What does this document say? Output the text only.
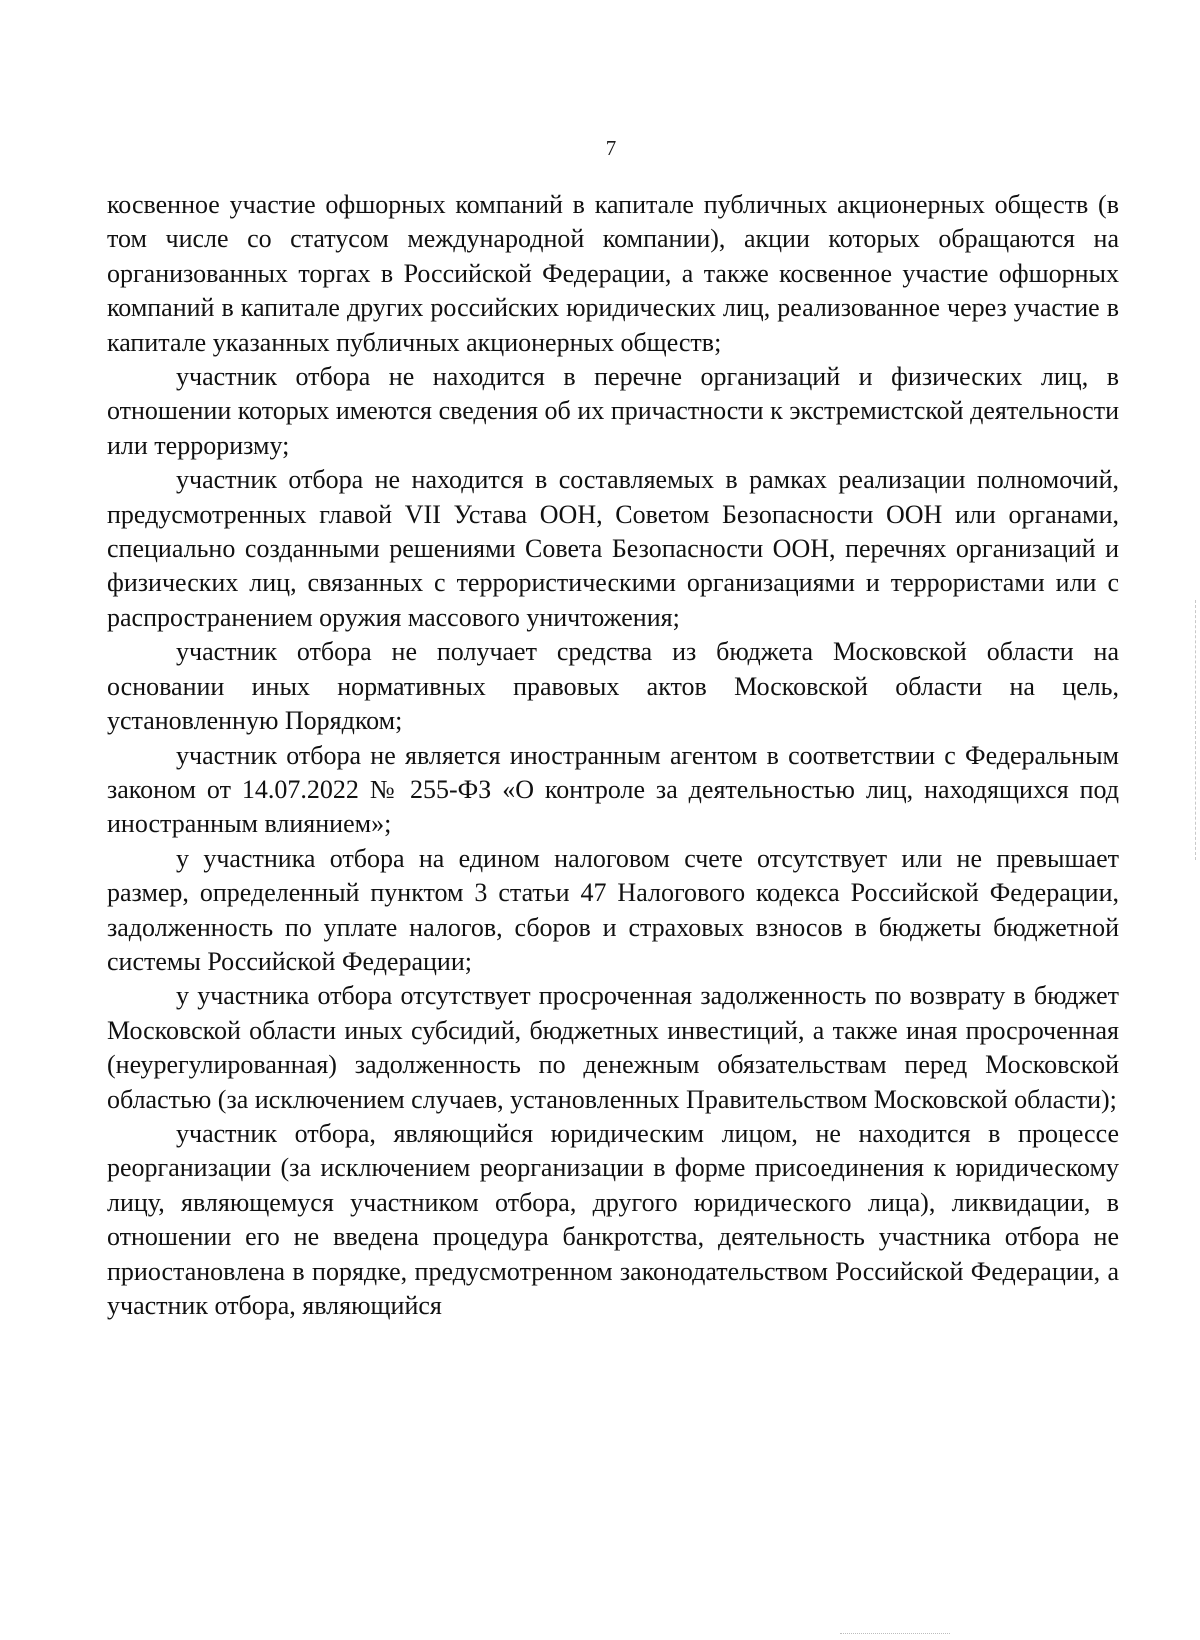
7

косвенное участие офшорных компаний в капитале публичных акционерных обществ (в том числе со статусом международной компании), акции которых обращаются на организованных торгах в Российской Федерации, а также косвенное участие офшорных компаний в капитале других российских юридических лиц, реализованное через участие в капитале указанных публичных акционерных обществ;

участник отбора не находится в перечне организаций и физических лиц, в отношении которых имеются сведения об их причастности к экстремистской деятельности или терроризму;

участник отбора не находится в составляемых в рамках реализации полномочий, предусмотренных главой VII Устава ООН, Советом Безопасности ООН или органами, специально созданными решениями Совета Безопасности ООН, перечнях организаций и физических лиц, связанных с террористическими организациями и террористами или с распространением оружия массового уничтожения;

участник отбора не получает средства из бюджета Московской области на основании иных нормативных правовых актов Московской области на цель, установленную Порядком;

участник отбора не является иностранным агентом в соответствии с Федеральным законом от 14.07.2022 № 255-ФЗ «О контроле за деятельностью лиц, находящихся под иностранным влиянием»;

у участника отбора на едином налоговом счете отсутствует или не превышает размер, определенный пунктом 3 статьи 47 Налогового кодекса Российской Федерации, задолженность по уплате налогов, сборов и страховых взносов в бюджеты бюджетной системы Российской Федерации;

у участника отбора отсутствует просроченная задолженность по возврату в бюджет Московской области иных субсидий, бюджетных инвестиций, а также иная просроченная (неурегулированная) задолженность по денежным обязательствам перед Московской областью (за исключением случаев, установленных Правительством Московской области);

участник отбора, являющийся юридическим лицом, не находится в процессе реорганизации (за исключением реорганизации в форме присоединения к юридическому лицу, являющемуся участником отбора, другого юридического лица), ликвидации, в отношении его не введена процедура банкротства, деятельность участника отбора не приостановлена в порядке, предусмотренном законодательством Российской Федерации, а участник отбора, являющийся
